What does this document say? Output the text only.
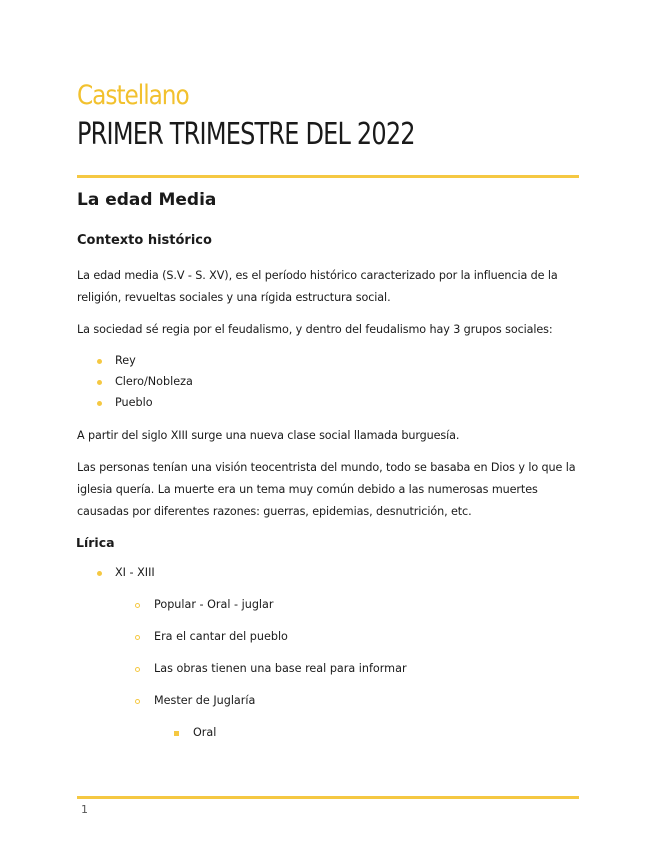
Castellano
PRIMER TRIMESTRE DEL 2022
La edad Media
Contexto histórico

La edad media (S.V - S. XV), es el período histórico caracterizado por la influencia de la religión, revueltas sociales y una rígida estructura social.

La sociedad sé regia por el feudalismo, y dentro del feudalismo hay 3 grupos sociales:

Rey
Clero/Nobleza
Pueblo

A partir del siglo XIII surge una nueva clase social llamada burguesía.

Las personas tenían una visión teocentrista del mundo, todo se basaba en Dios y lo que la iglesia quería. La muerte era un tema muy común debido a las numerosas muertes causadas por diferentes razones: guerras, epidemias, desnutrición, etc.

Lírica
XI - XIII
Popular - Oral - juglar
Era el cantar del pueblo
Las obras tienen una base real para informar
Mester de Juglaría
Oral
1
